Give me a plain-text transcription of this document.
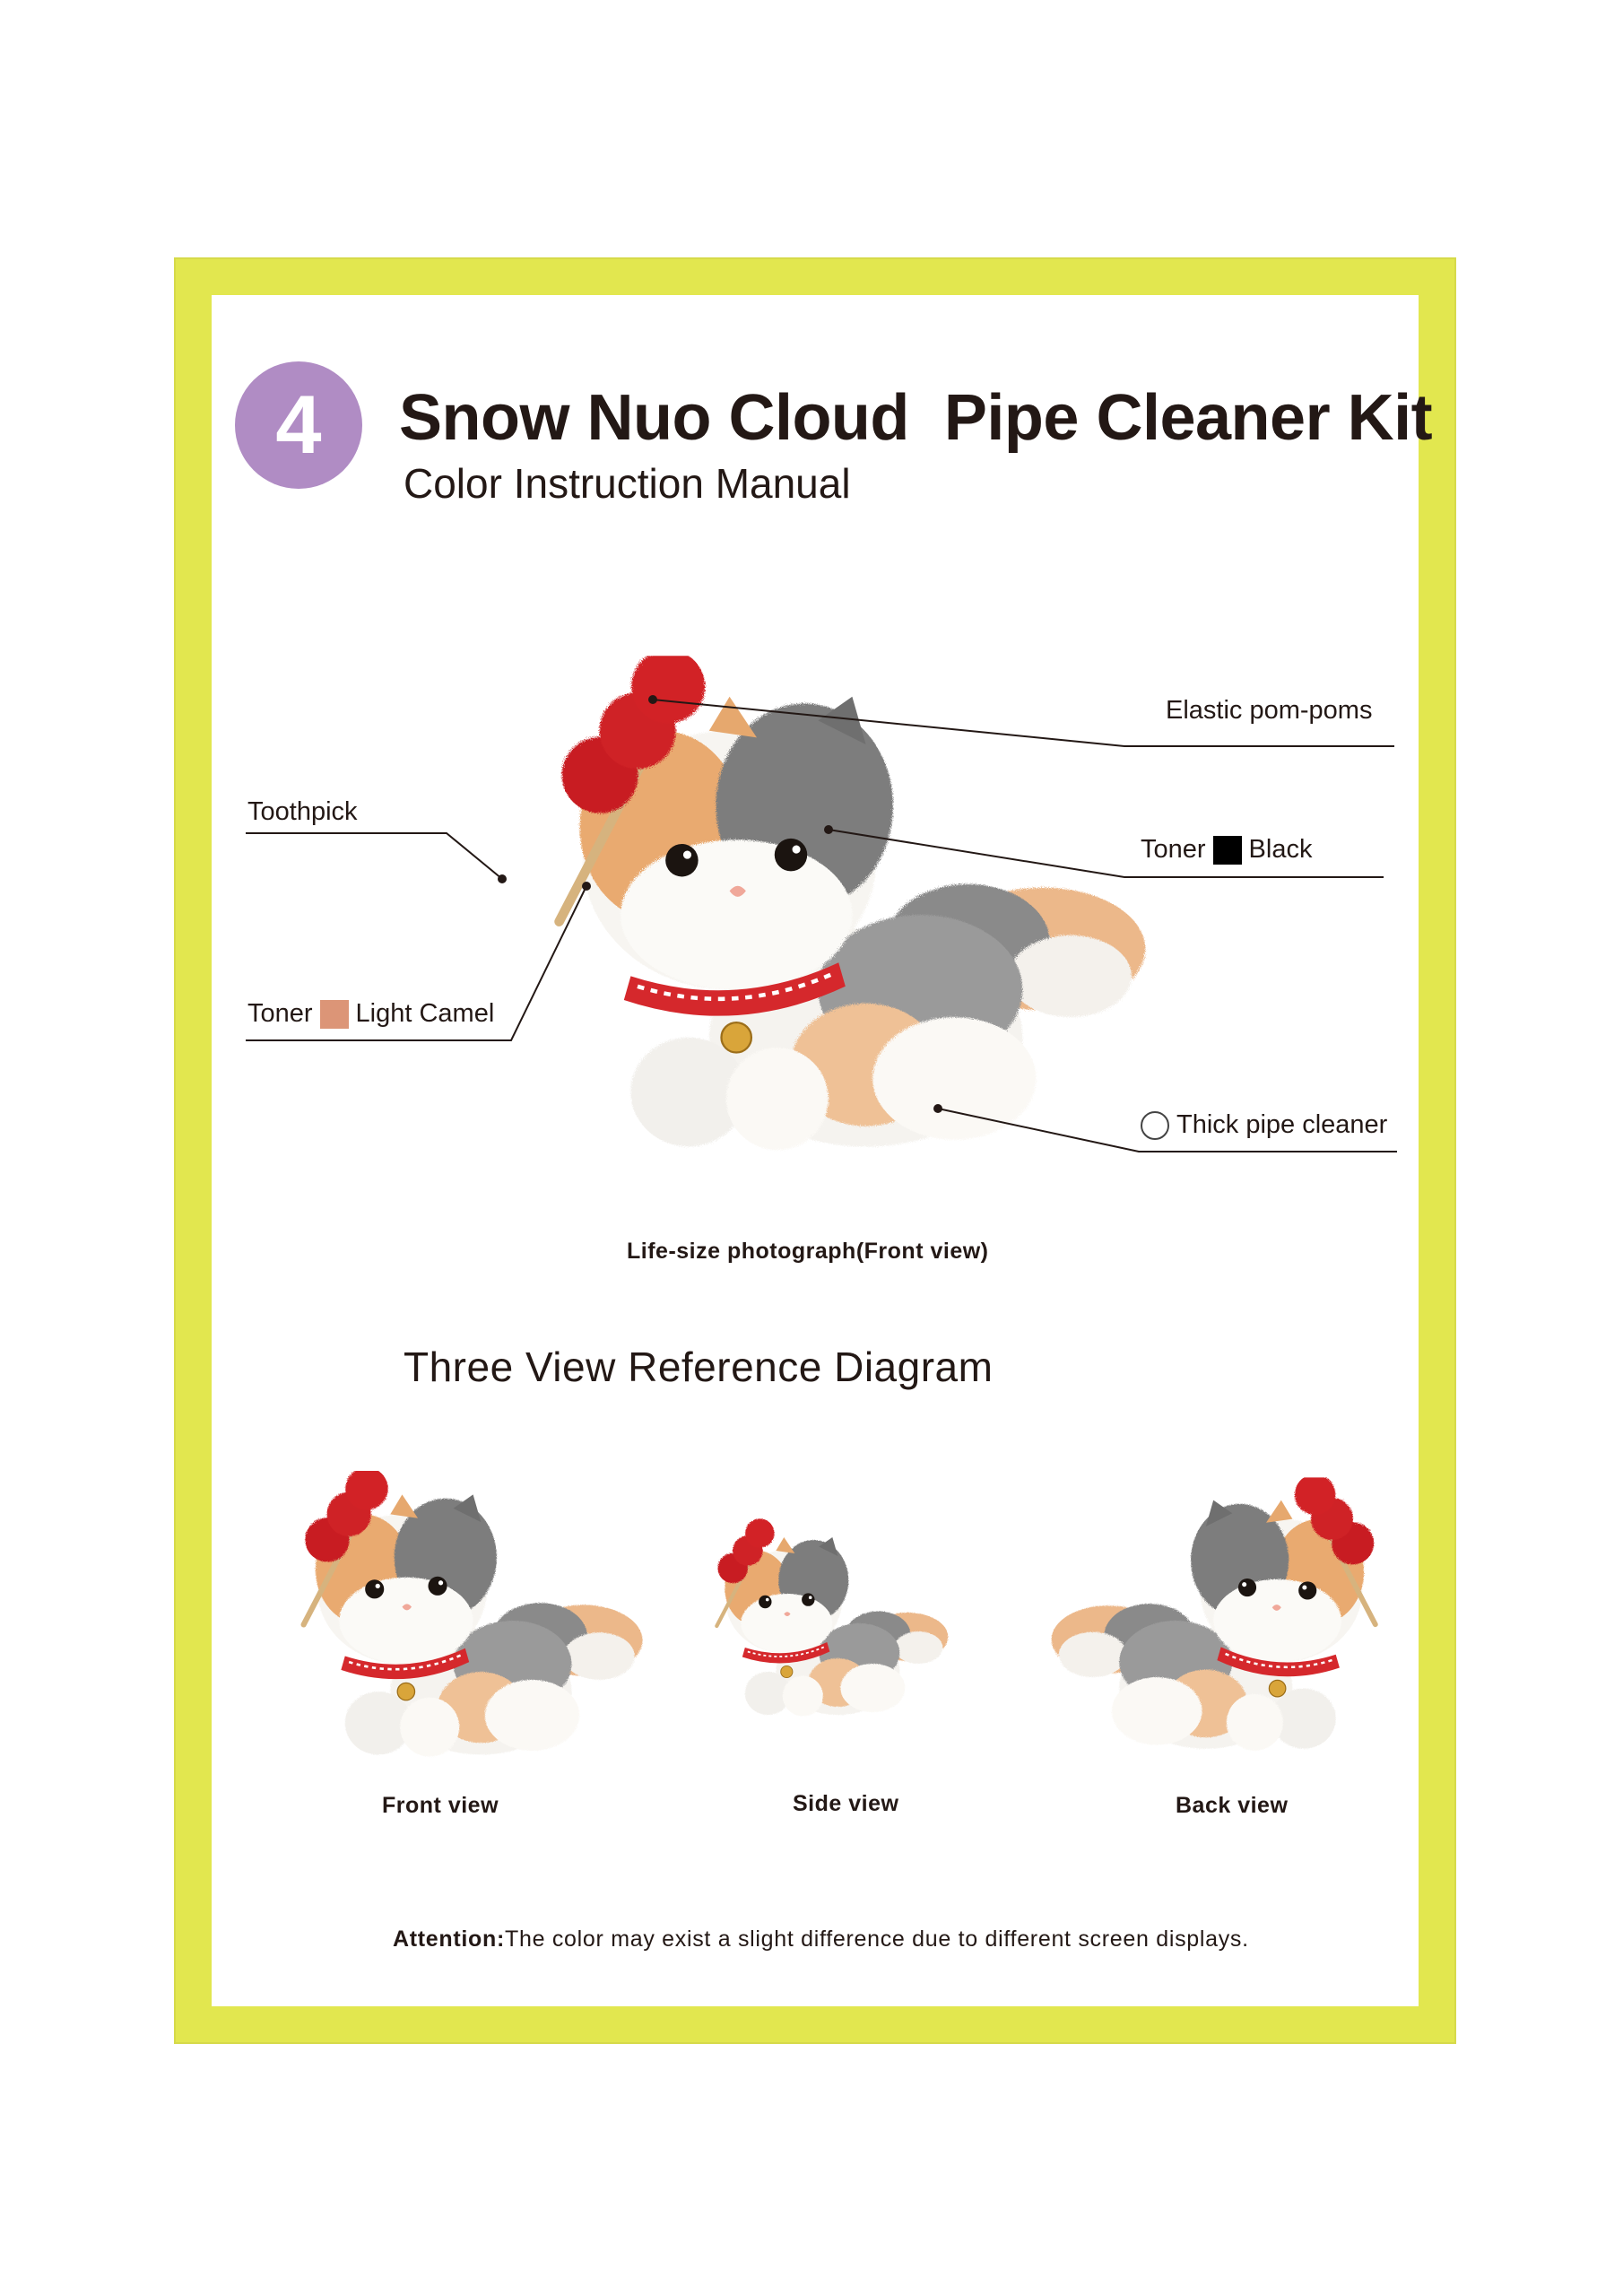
4 Snow Nuo Cloud  Pipe Cleaner Kit
Color Instruction Manual
Elastic pom-poms
Toothpick
Toner Black
Toner Light Camel
Thick pipe cleaner
Life-size photograph(Front view)
Three View Reference Diagram
Front view	Side view	Back view
Attention:The color may exist a slight difference due to different screen displays.
